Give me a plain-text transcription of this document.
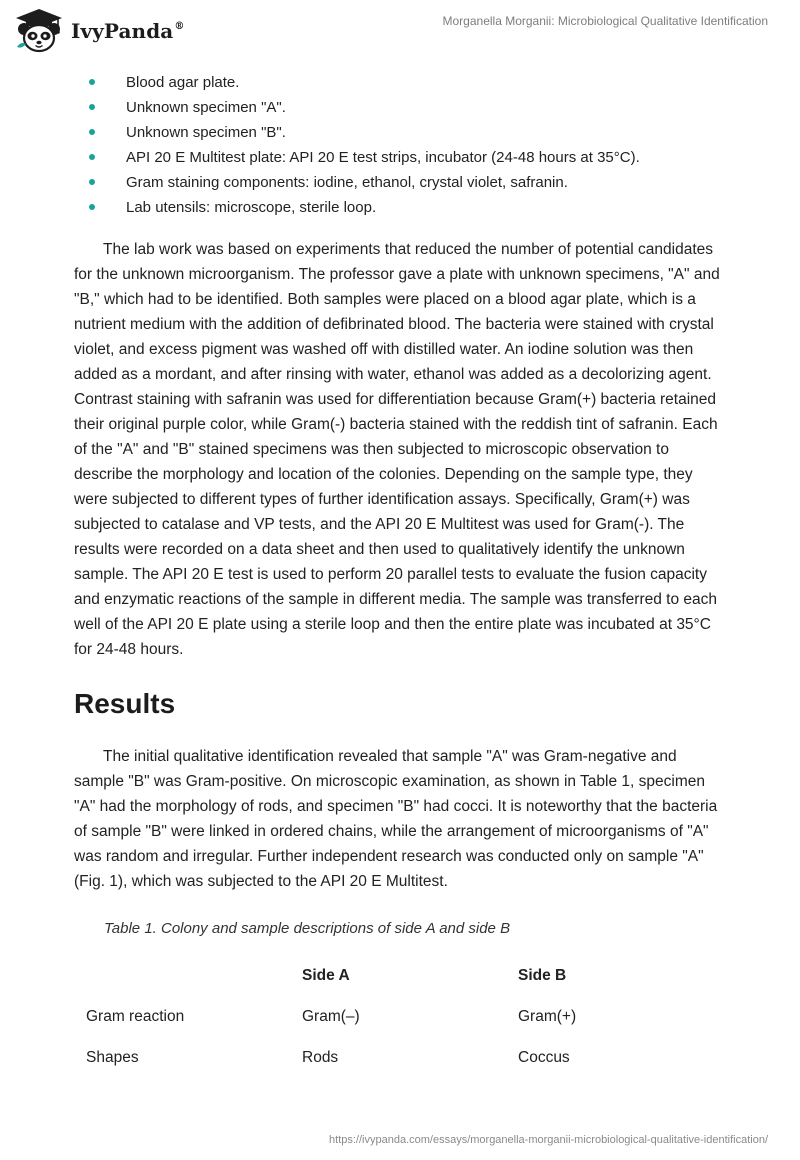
IvyPanda®	Morganella Morganii: Microbiological Qualitative Identification
Blood agar plate.
Unknown specimen "A".
Unknown specimen "B".
API 20 E Multitest plate: API 20 E test strips, incubator (24-48 hours at 35°C).
Gram staining components: iodine, ethanol, crystal violet, safranin.
Lab utensils: microscope, sterile loop.

The lab work was based on experiments that reduced the number of potential candidates for the unknown microorganism. The professor gave a plate with unknown specimens, "A" and "B," which had to be identified. Both samples were placed on a blood agar plate, which is a nutrient medium with the addition of defibrinated blood. The bacteria were stained with crystal violet, and excess pigment was washed off with distilled water. An iodine solution was then added as a mordant, and after rinsing with water, ethanol was added as a decolorizing agent. Contrast staining with safranin was used for differentiation because Gram(+) bacteria retained their original purple color, while Gram(-) bacteria stained with the reddish tint of safranin. Each of the "A" and "B" stained specimens was then subjected to microscopic observation to describe the morphology and location of the colonies. Depending on the sample type, they were subjected to different types of further identification assays. Specifically, Gram(+) was subjected to catalase and VP tests, and the API 20 E Multitest was used for Gram(-). The results were recorded on a data sheet and then used to qualitatively identify the unknown sample. The API 20 E test is used to perform 20 parallel tests to evaluate the fusion capacity and enzymatic reactions of the sample in different media. The sample was transferred to each well of the API 20 E plate using a sterile loop and then the entire plate was incubated at 35°C for 24-48 hours.

Results

The initial qualitative identification revealed that sample "A" was Gram-negative and sample "B" was Gram-positive. On microscopic examination, as shown in Table 1, specimen "A" had the morphology of rods, and specimen "B" had cocci. It is noteworthy that the bacteria of sample "B" were linked in ordered chains, while the arrangement of microorganisms of "A" was random and irregular. Further independent research was conducted only on sample "A" (Fig. 1), which was subjected to the API 20 E Multitest.

Table 1. Colony and sample descriptions of side A and side B
	Side A	Side B
Gram reaction	Gram(–)	Gram(+)
Shapes	Rods	Coccus
https://ivypanda.com/essays/morganella-morganii-microbiological-qualitative-identification/
